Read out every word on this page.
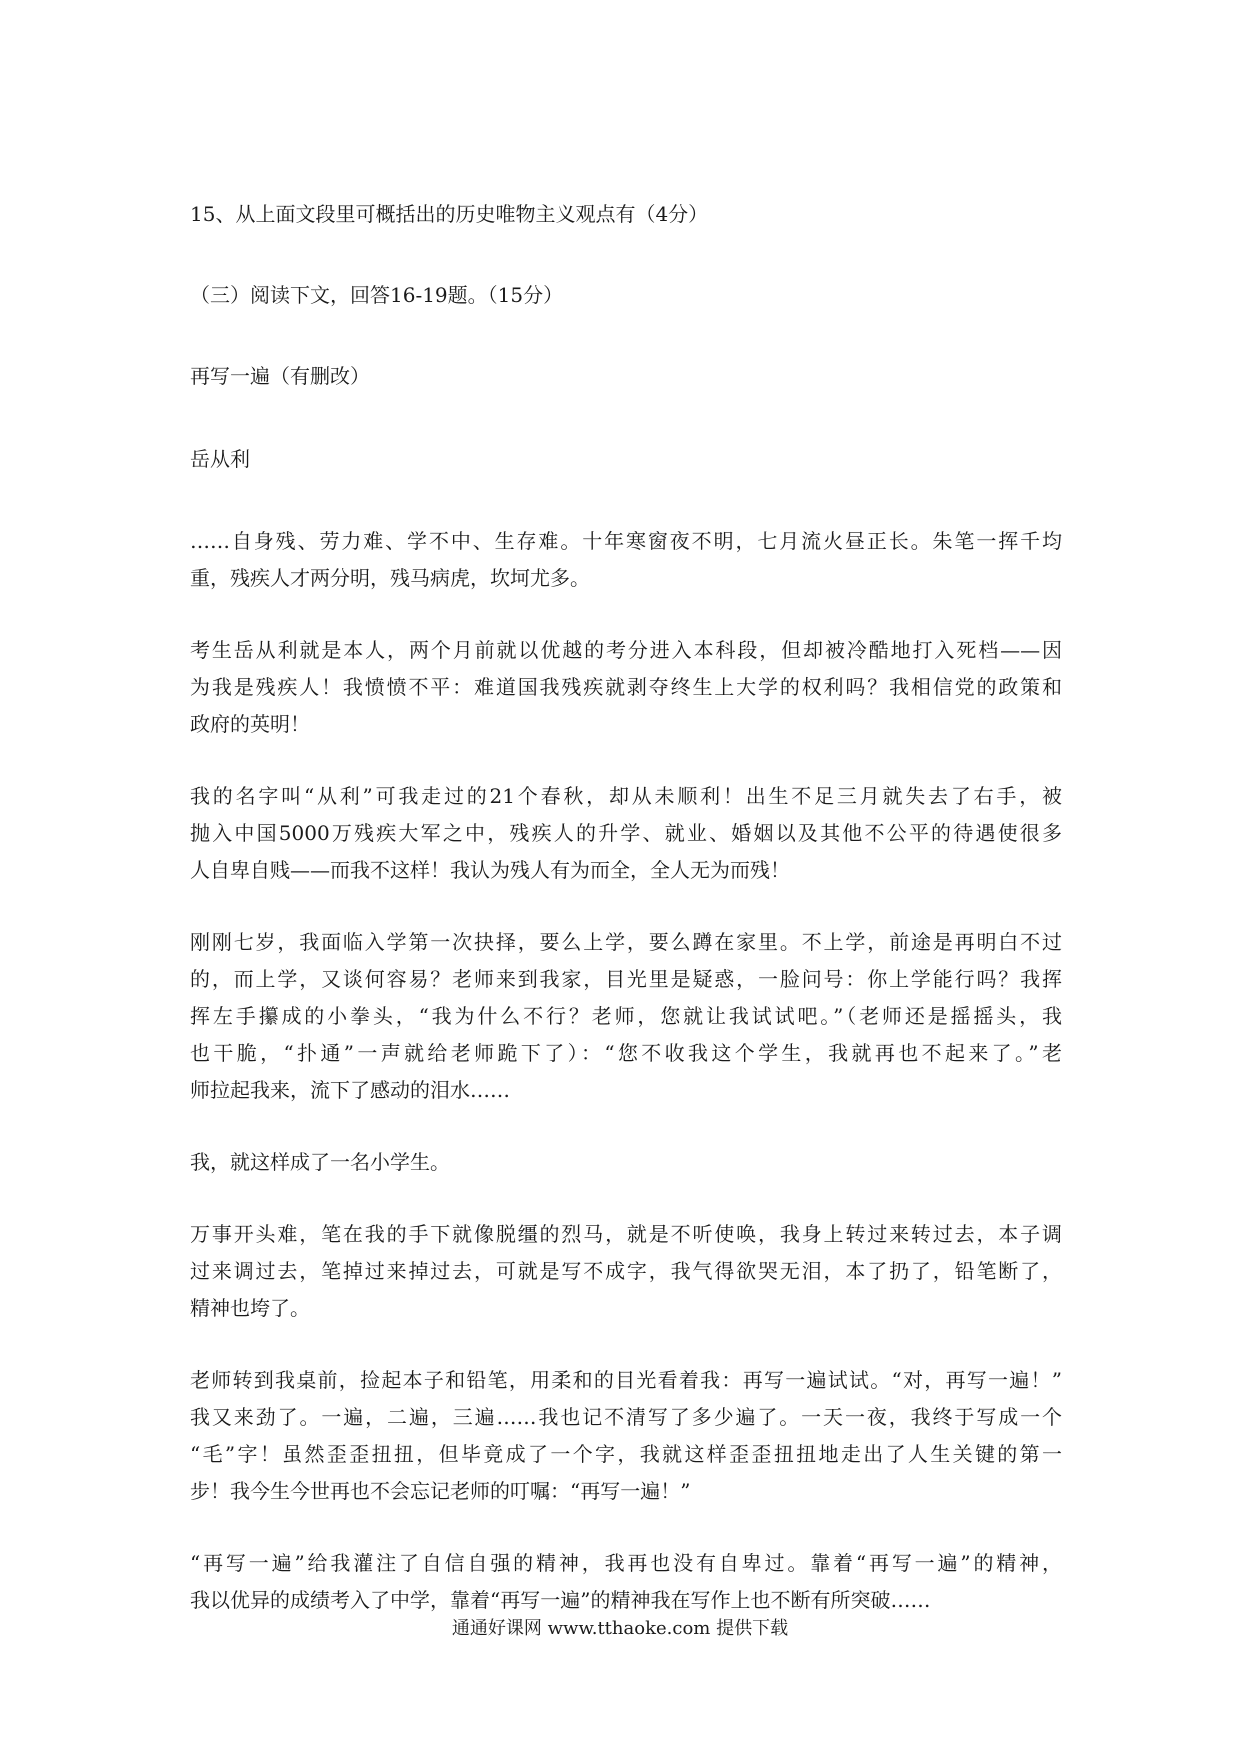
15、从上面文段里可概括出的历史唯物主义观点有（4分）

（三）阅读下文，回答16-19题。（15分）

再写一遍（有删改）

岳从利

……自身残、劳力难、学不中、生存难。十年寒窗夜不明，七月流火昼正长。朱笔一挥千均

重，残疾人才两分明，残马病虎，坎坷尤多。

考生岳从利就是本人，两个月前就以优越的考分进入本科段，但却被冷酷地打入死档——因

为我是残疾人！我愤愤不平：难道国我残疾就剥夺终生上大学的权利吗？我相信党的政策和

政府的英明！

我的名字叫“从利”可我走过的21个春秋，却从未顺利！出生不足三月就失去了右手，被

抛入中国5000万残疾大军之中，残疾人的升学、就业、婚姻以及其他不公平的待遇使很多

人自卑自贱——而我不这样！我认为残人有为而全，全人无为而残！

刚刚七岁，我面临入学第一次抉择，要么上学，要么蹲在家里。不上学，前途是再明白不过

的，而上学，又谈何容易？老师来到我家，目光里是疑惑，一脸问号：你上学能行吗？我挥

挥左手攥成的小拳头，“我为什么不行？老师，您就让我试试吧。”（老师还是摇摇头，我

也干脆，“扑通”一声就给老师跪下了）：“您不收我这个学生，我就再也不起来了。”老

师拉起我来，流下了感动的泪水……

我，就这样成了一名小学生。

万事开头难，笔在我的手下就像脱缰的烈马，就是不听使唤，我身上转过来转过去，本子调

过来调过去，笔掉过来掉过去，可就是写不成字，我气得欲哭无泪，本了扔了，铅笔断了，

精神也垮了。

老师转到我桌前，捡起本子和铅笔，用柔和的目光看着我：再写一遍试试。“对，再写一遍！”

我又来劲了。一遍，二遍，三遍……我也记不清写了多少遍了。一天一夜，我终于写成一个

“毛”字！虽然歪歪扭扭，但毕竟成了一个字，我就这样歪歪扭扭地走出了人生关键的第一

步！我今生今世再也不会忘记老师的叮嘱：“再写一遍！”

“再写一遍”给我灌注了自信自强的精神，我再也没有自卑过。靠着“再写一遍”的精神，

我以优异的成绩考入了中学，靠着“再写一遍”的精神我在写作上也不断有所突破……

通通好课网 www.tthaoke.com 提供下载
